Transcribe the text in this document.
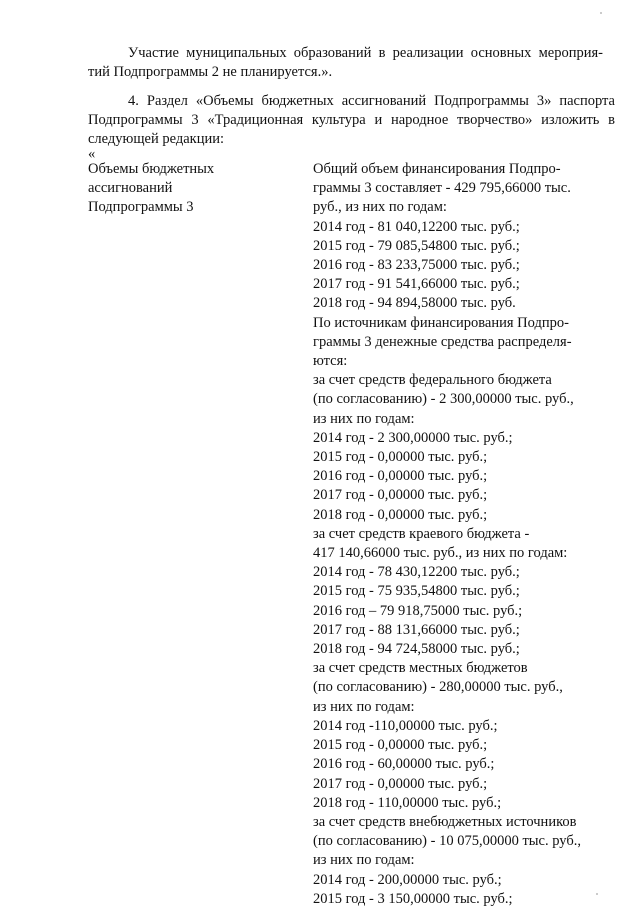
Участие муниципальных образований в реализации основных мероприя-
тий Подпрограммы 2 не планируется.».
4. Раздел «Объемы бюджетных ассигнований Подпрограммы 3» паспорта
Подпрограммы 3 «Традиционная культура и народное творчество» изложить в
следующей редакции:
«
Объемы бюджетных
ассигнований
Подпрограммы 3
Общий объем финансирования Подпро-
граммы 3 составляет - 429 795,66000 тыс.
руб., из них по годам:
2014 год - 81 040,12200 тыс. руб.;
2015 год - 79 085,54800 тыс. руб.;
2016 год - 83 233,75000 тыс. руб.;
2017 год - 91 541,66000 тыс. руб.;
2018 год - 94 894,58000 тыс. руб.
По источникам финансирования Подпро-
граммы 3 денежные средства распределя-
ются:
за счет средств федерального бюджета
(по согласованию) - 2 300,00000 тыс. руб.,
из них по годам:
2014 год - 2 300,00000 тыс. руб.;
2015 год - 0,00000 тыс. руб.;
2016 год - 0,00000 тыс. руб.;
2017 год - 0,00000 тыс. руб.;
2018 год - 0,00000 тыс. руб.;
за счет средств краевого бюджета -
417 140,66000 тыс. руб., из них по годам:
2014 год - 78 430,12200 тыс. руб.;
2015 год - 75 935,54800 тыс. руб.;
2016 год – 79 918,75000 тыс. руб.;
2017 год - 88 131,66000 тыс. руб.;
2018 год - 94 724,58000 тыс. руб.;
за счет средств местных бюджетов
(по согласованию) - 280,00000 тыс. руб.,
из них по годам:
2014 год -110,00000 тыс. руб.;
2015 год - 0,00000 тыс. руб.;
2016 год - 60,00000 тыс. руб.;
2017 год - 0,00000 тыс. руб.;
2018 год - 110,00000 тыс. руб.;
за счет средств внебюджетных источников
(по согласованию) - 10 075,00000 тыс. руб.,
из них по годам:
2014 год - 200,00000 тыс. руб.;
2015 год - 3 150,00000 тыс. руб.;
